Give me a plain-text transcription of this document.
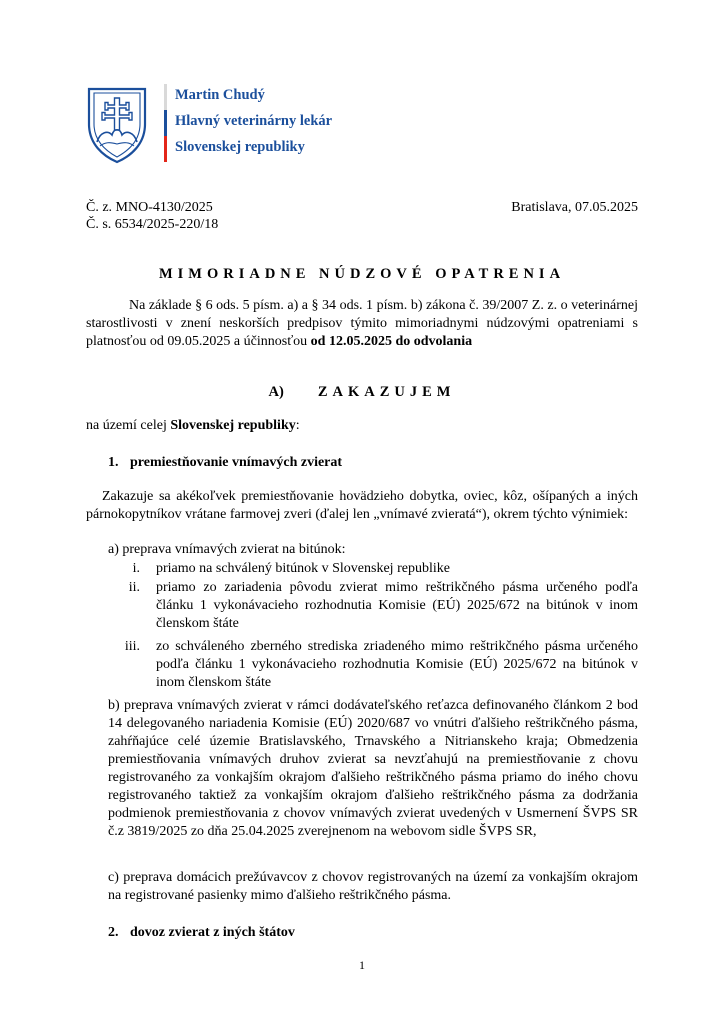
Martin Chudý
Hlavný veterinárny lekár
Slovenskej republiky
Č. z. MNO-4130/2025	Bratislava, 07.05.2025
Č. s. 6534/2025-220/18
MIMORIADNE NÚDZOVÉ OPATRENIA
Na základe § 6 ods. 5 písm. a) a § 34 ods. 1 písm. b) zákona č. 39/2007 Z. z. o veterinárnej starostlivosti v znení neskorších predpisov týmito mimoriadnymi núdzovými opatreniami s platnosťou od 09.05.2025 a účinnosťou od 12.05.2025 do odvolania
A) ZAKAZUJEM
na území celej Slovenskej republiky:
1. premiestňovanie vnímavých zvierat
Zakazuje sa akékoľvek premiestňovanie hovädzieho dobytka, oviec, kôz, ošípaných a iných párnokopytníkov vrátane farmovej zveri (ďalej len „vnímavé zvieratá“), okrem týchto výnimiek:
a) preprava vnímavých zvierat na bitúnok:
i. priamo na schválený bitúnok v Slovenskej republike
ii. priamo zo zariadenia pôvodu zvierat mimo reštrikčného pásma určeného podľa článku 1 vykonávacieho rozhodnutia Komisie (EÚ) 2025/672 na bitúnok v inom členskom štáte
iii. zo schváleného zberného strediska zriadeného mimo reštrikčného pásma určeného podľa článku 1 vykonávacieho rozhodnutia Komisie (EÚ) 2025/672 na bitúnok v inom členskom štáte
b) preprava vnímavých zvierat v rámci dodávateľského reťazca definovaného článkom 2 bod 14 delegovaného nariadenia Komisie (EÚ) 2020/687 vo vnútri ďalšieho reštrikčného pásma, zahŕňajúce celé územie Bratislavského, Trnavského a Nitrianskeho kraja; Obmedzenia premiestňovania vnímavých druhov zvierat sa nevzťahujú na premiestňovanie z chovu registrovaného za vonkajším okrajom ďalšieho reštrikčného pásma priamo do iného chovu registrovaného taktiež za vonkajším okrajom ďalšieho reštrikčného pásma za dodržania podmienok premiestňovania z chovov vnímavých zvierat uvedených v Usmernení ŠVPS SR č.z 3819/2025 zo dňa 25.04.2025 zverejnenom na webovom sidle ŠVPS SR,
c) preprava domácich prežúvavcov z chovov registrovaných na území za vonkajším okrajom na registrované pasienky mimo ďalšieho reštrikčného pásma.
2. dovoz zvierat z iných štátov
1
